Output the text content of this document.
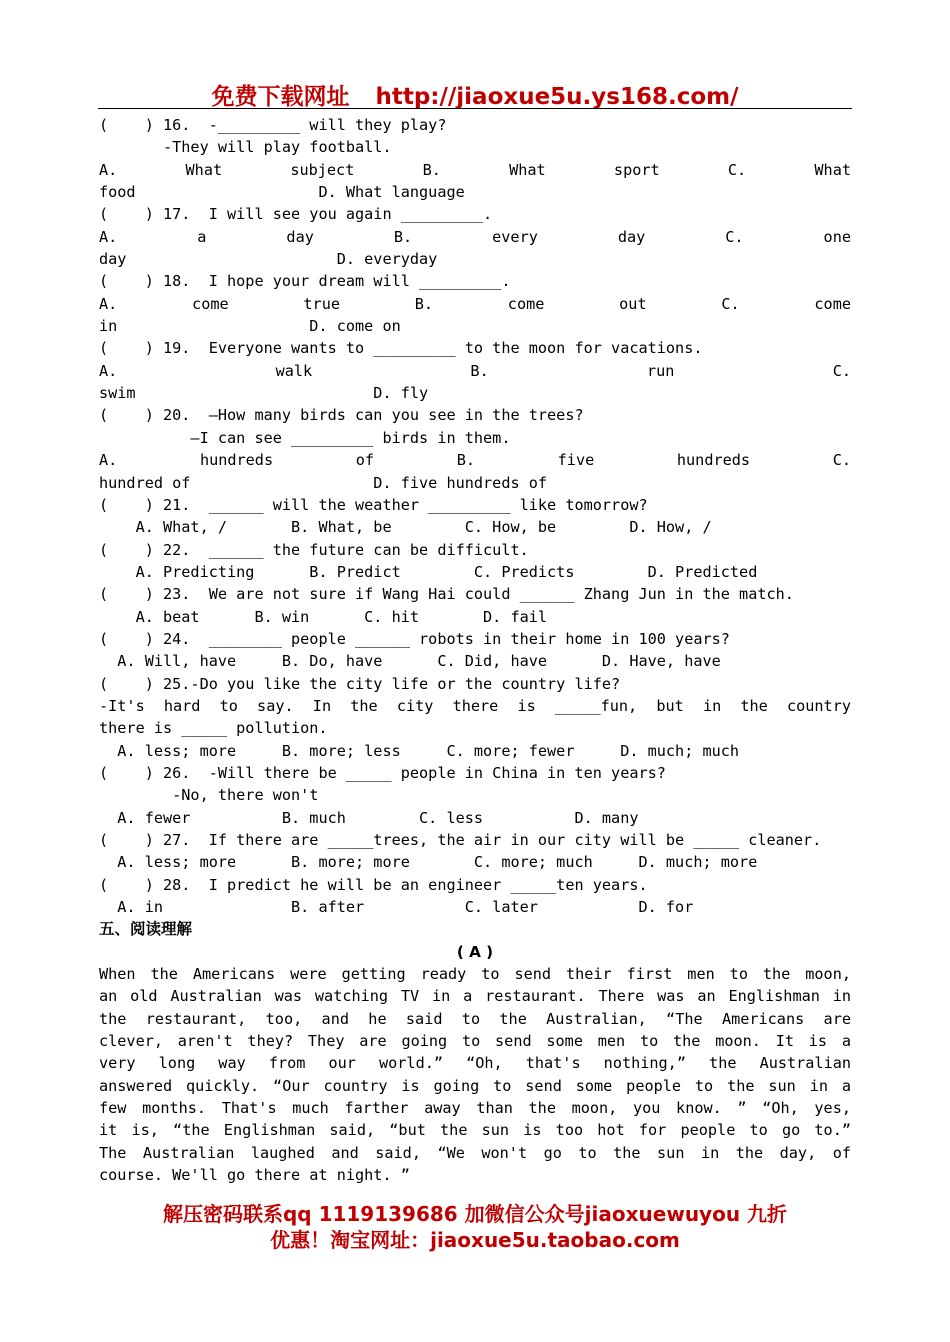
免费下载网址 http://jiaoxue5u.ys168.com/
(    ) 16.  -_________ will they play?
-They will play football.
A. What subject B. What sport C. What
food                    D. What language
(    ) 17.  I will see you again _________.
A. a day B. every day C. one
day                       D. everyday
(    ) 18.  I hope your dream will _________.
A. come true B. come out C. come
in                     D. come on
(    ) 19.  Everyone wants to _________ to the moon for vacations.
A. walk B. run C.
swim                          D. fly
(    ) 20.  —How many birds can you see in the trees?
—I can see _________ birds in them.
A. hundreds of B. five hundreds C.
hundred of                    D. five hundreds of
(    ) 21.  ______ will the weather _________ like tomorrow?
A. What, /       B. What, be        C. How, be        D. How, /
(    ) 22.  ______ the future can be difficult.
A. Predicting      B. Predict        C. Predicts        D. Predicted
(    ) 23.  We are not sure if Wang Hai could ______ Zhang Jun in the match.
A. beat      B. win      C. hit       D. fail
(    ) 24.  ________ people ______ robots in their home in 100 years?
A. Will, have     B. Do, have      C. Did, have      D. Have, have
(    ) 25.-Do you like the city life or the country life?
-It's hard to say. In the city there is _____fun, but in the country
there is _____ pollution.
A. less; more     B. more; less     C. more; fewer     D. much; much
(    ) 26.  -Will there be _____ people in China in ten years?
-No, there won't
A. fewer          B. much        C. less          D. many
(    ) 27.  If there are _____trees, the air in our city will be _____ cleaner.
A. less; more      B. more; more       C. more; much     D. much; more
(    ) 28.  I predict he will be an engineer _____ten years.
A. in              B. after           C. later           D. for
五、阅读理解
( A )
When the Americans were getting ready to send their first men to the moon,
an old Australian was watching TV in a restaurant. There was an Englishman in
the restaurant, too, and he said to the Australian, “The Americans are
clever, aren't they? They are going to send some men to the moon. It is a
very long way from our world.” “Oh, that's nothing,” the Australian
answered quickly. “Our country is going to send some people to the sun in a
few months. That's much farther away than the moon, you know. ” “Oh, yes,
it is, “the Englishman said, “but the sun is too hot for people to go to.”
The Australian laughed and said, “We won't go to the sun in the day, of
course. We'll go there at night. ”
解压密码联系qq 1119139686 加微信公众号jiaoxuewuyou 九折
优惠！淘宝网址：jiaoxue5u.taobao.com
